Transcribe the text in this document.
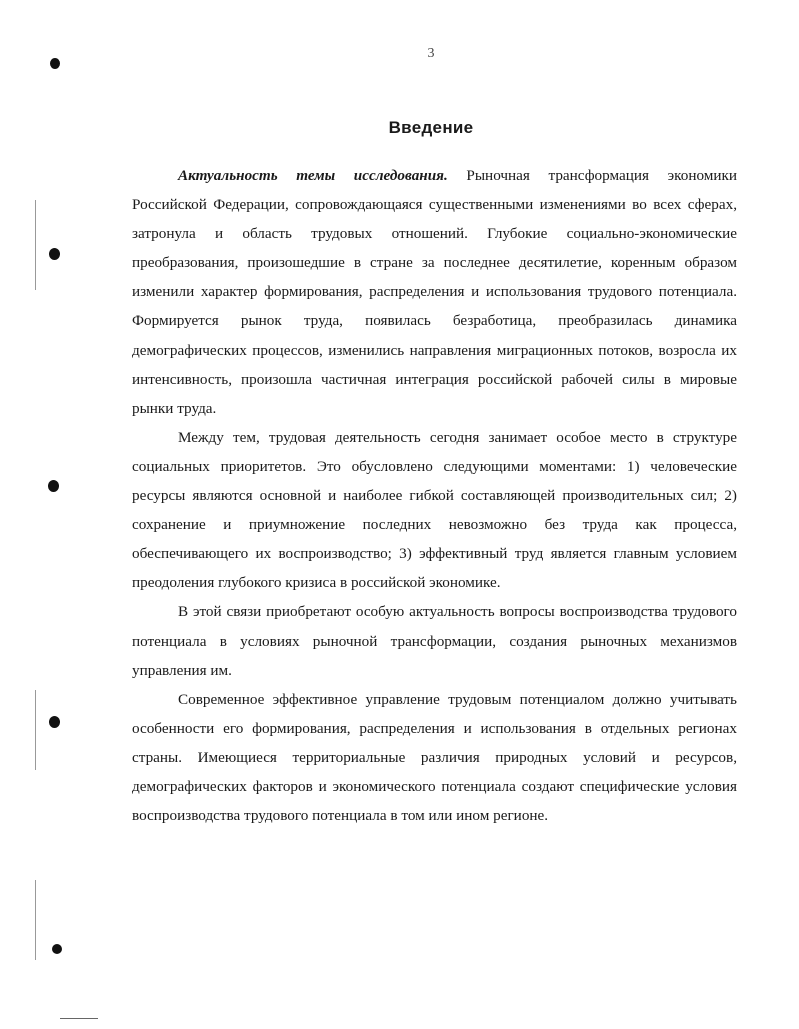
3
Введение

Актуальность темы исследования. Рыночная трансформация экономики Российской Федерации, сопровождающаяся существенными изменениями во всех сферах, затронула и область трудовых отношений. Глубокие социально-экономические преобразования, произошедшие в стране за последнее десятилетие, коренным образом изменили характер формирования, распределения и использования трудового потенциала. Формируется рынок труда, появилась безработица, преобразилась динамика демографических процессов, изменились направления миграционных потоков, возросла их интенсивность, произошла частичная интеграция российской рабочей силы в мировые рынки труда.

Между тем, трудовая деятельность сегодня занимает особое место в структуре социальных приоритетов. Это обусловлено следующими моментами: 1) человеческие ресурсы являются основной и наиболее гибкой составляющей производительных сил; 2) сохранение и приумножение последних невозможно без труда как процесса, обеспечивающего их воспроизводство; 3) эффективный труд является главным условием преодоления глубокого кризиса в российской экономике.

В этой связи приобретают особую актуальность вопросы воспроизводства трудового потенциала в условиях рыночной трансформации, создания рыночных механизмов управления им.

Современное эффективное управление трудовым потенциалом должно учитывать особенности его формирования, распределения и использования в отдельных регионах страны. Имеющиеся территориальные различия природных условий и ресурсов, демографических факторов и экономического потенциала создают специфические условия воспроизводства трудового потенциала в том или ином регионе.
